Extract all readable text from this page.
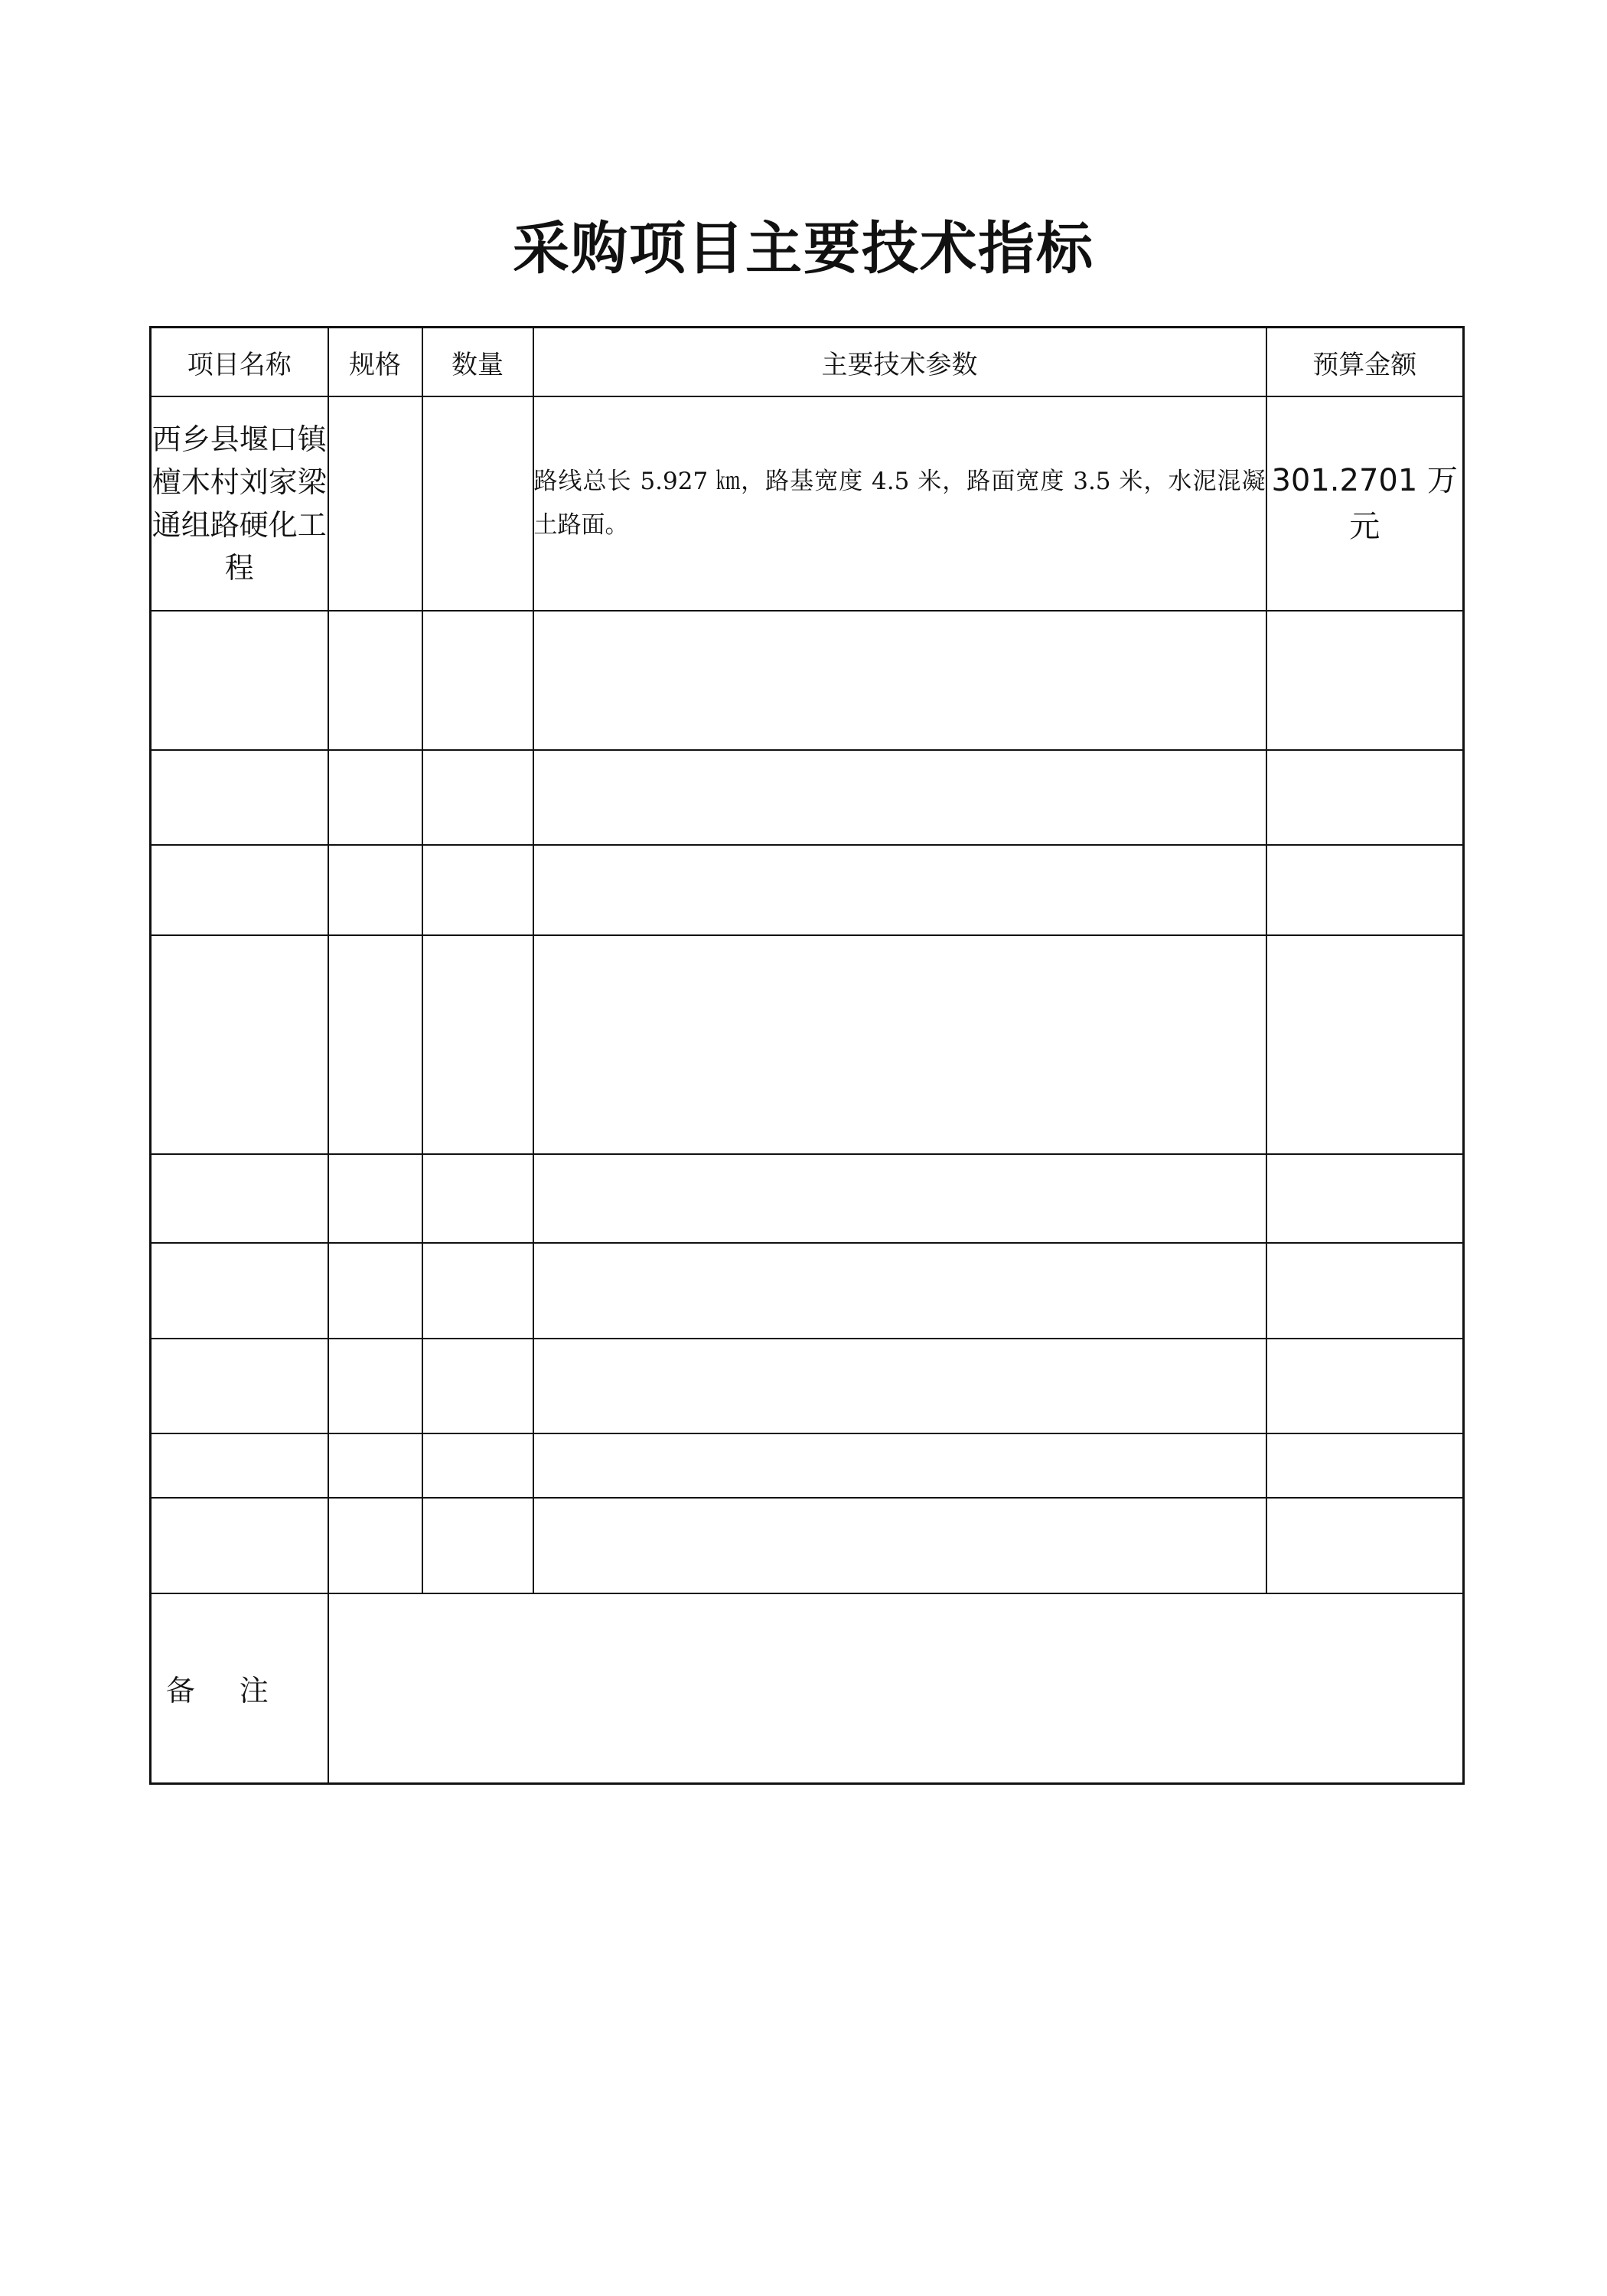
采购项目主要技术指标
项目名称	规格	数量	主要技术参数	预算金额
西乡县堰口镇檀木村刘家梁通组路硬化工程			路线总长 5.927 ㎞，路基宽度 4.5 米，路面宽度 3.5 米，水泥混凝土路面。	301.2701 万元

备注				
